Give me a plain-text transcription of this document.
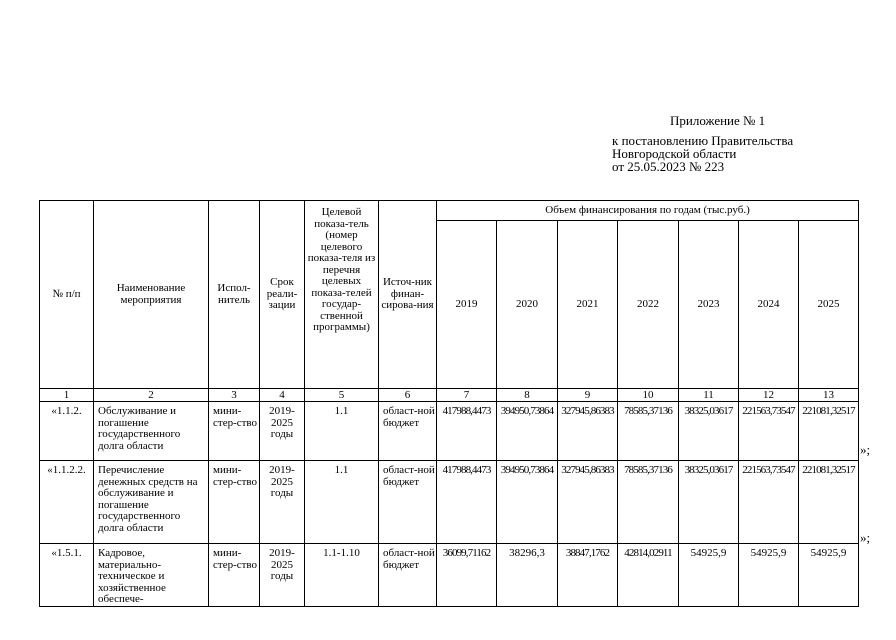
Приложение № 1
к постановлению Правительства
Новгородской области
от 25.05.2023 № 223
№ п/п	Наименование мероприятия	Испол-нитель	Срок реали-зации	Целевой показа-тель (номер целевого показа-теля из перечня целевых показа-телей государ-ственной программы)	Источ-ник финан-сирова-ния	Объем финансирования по годам (тыс.руб.)						
						2019	2020	2021	2022	2023	2024	2025
1	2	3	4	5	6	7	8	9	10	11	12	13
«1.1.2.	Обслуживание и погашение государственного долга области	мини-стер-ство	2019-2025 годы	1.1	област-ной бюджет	417988,4473	394950,73864	327945,86383	78585,37136	38325,03617	221563,73547	221081,32517
«1.1.2.2.	Перечисление денежных средств на обслуживание и погашение государственного долга области	мини-стер-ство	2019-2025 годы	1.1	област-ной бюджет	417988,4473	394950,73864	327945,86383	78585,37136	38325,03617	221563,73547	221081,32517
«1.5.1.	Кадровое, материально-техническое и хозяйственное обеспече-	мини-стер-ство	2019-2025 годы	1.1-1.10	област-ной бюджет	36099,71162	38296,3	38847,1762	42814,02911	54925,9	54925,9	54925,9
»;
»;
